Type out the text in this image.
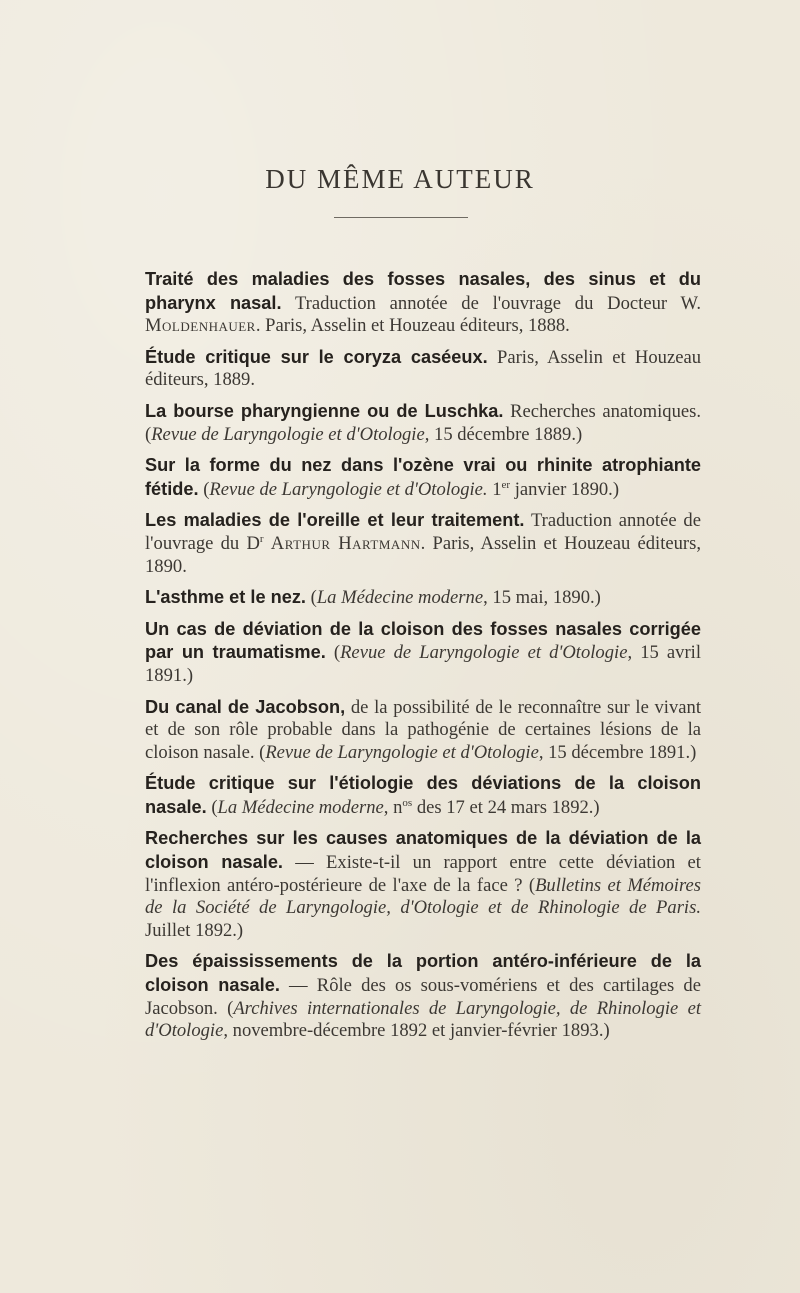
DU MÊME AUTEUR

Traité des maladies des fosses nasales, des sinus et du pharynx nasal. Traduction annotée de l'ouvrage du Docteur W. Moldenhauer. Paris, Asselin et Houzeau éditeurs, 1888.

Étude critique sur le coryza caséeux. Paris, Asselin et Houzeau éditeurs, 1889.

La bourse pharyngienne ou de Luschka. Recherches anatomiques. (Revue de Laryngologie et d'Otologie, 15 décembre 1889.)

Sur la forme du nez dans l'ozène vrai ou rhinite atrophiante fétide. (Revue de Laryngologie et d'Otologie. 1er janvier 1890.)

Les maladies de l'oreille et leur traitement. Traduction annotée de l'ouvrage du $D^r$ Arthur Hartmann. Paris, Asselin et Houzeau éditeurs, 1890.

L'asthme et le nez. (La Médecine moderne, 15 mai, 1890.)

Un cas de déviation de la cloison des fosses nasales corrigée par un traumatisme. (Revue de Laryngologie et d'Otologie, 15 avril 1891.)

Du canal de Jacobson, de la possibilité de le reconnaître sur le vivant et de son rôle probable dans la pathogénie de certaines lésions de la cloison nasale. (Revue de Laryngologie et d'Otologie, 15 décembre 1891.)

Étude critique sur l'étiologie des déviations de la cloison nasale. (La Médecine moderne, $n^{os}$ des 17 et 24 mars 1892.)

Recherches sur les causes anatomiques de la déviation de la cloison nasale. — Existe-t-il un rapport entre cette déviation et l'inflexion antéro-postérieure de l'axe de la face ? (Bulletins et Mémoires de la Société de Laryngologie, d'Otologie et de Rhinologie de Paris. Juillet 1892.)

Des épaississements de la portion antéro-inférieure de la cloison nasale. — Rôle des os sous-vomériens et des cartilages de Jacobson. (Archives internationales de Laryngologie, de Rhinologie et d'Otologie, novembre-décembre 1892 et janvier-février 1893.)
